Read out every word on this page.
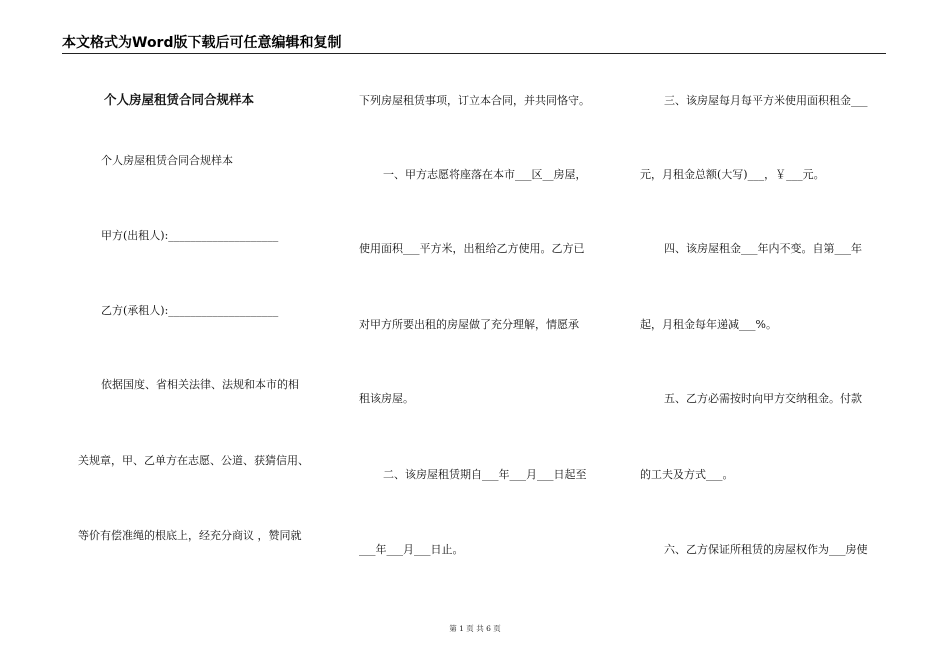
本文格式为Word版下载后可任意编辑和复制
个人房屋租赁合同合规样本
个人房屋租赁合同合规样本
甲方(出租人):____________________
乙方(承租人):____________________
依据国度、省相关法律、法规和本市的相
关规章，甲、乙单方在志愿、公道、获猜信用、
等价有偿准绳的根底上，经充分商议 ，赞同就
下列房屋租赁事项，订立本合同，并共同恪守。
一、甲方志愿将座落在本市___区__房屋，
使用面积___平方米，出租给乙方使用。乙方已
对甲方所要出租的房屋做了充分理解，情愿承
租该房屋。
二、该房屋租赁期自___年___月___日起至
___年___月___日止。
三、该房屋每月每平方米使用面积租金___
元，月租金总额(大写)___，￥___元。
四、该房屋租金___年内不变。自第___年
起，月租金每年递减___%。
五、乙方必需按时向甲方交纳租金。付款
的工夫及方式___。
六、乙方保证所租赁的房屋权作为___房使
第 1 页 共 6 页
